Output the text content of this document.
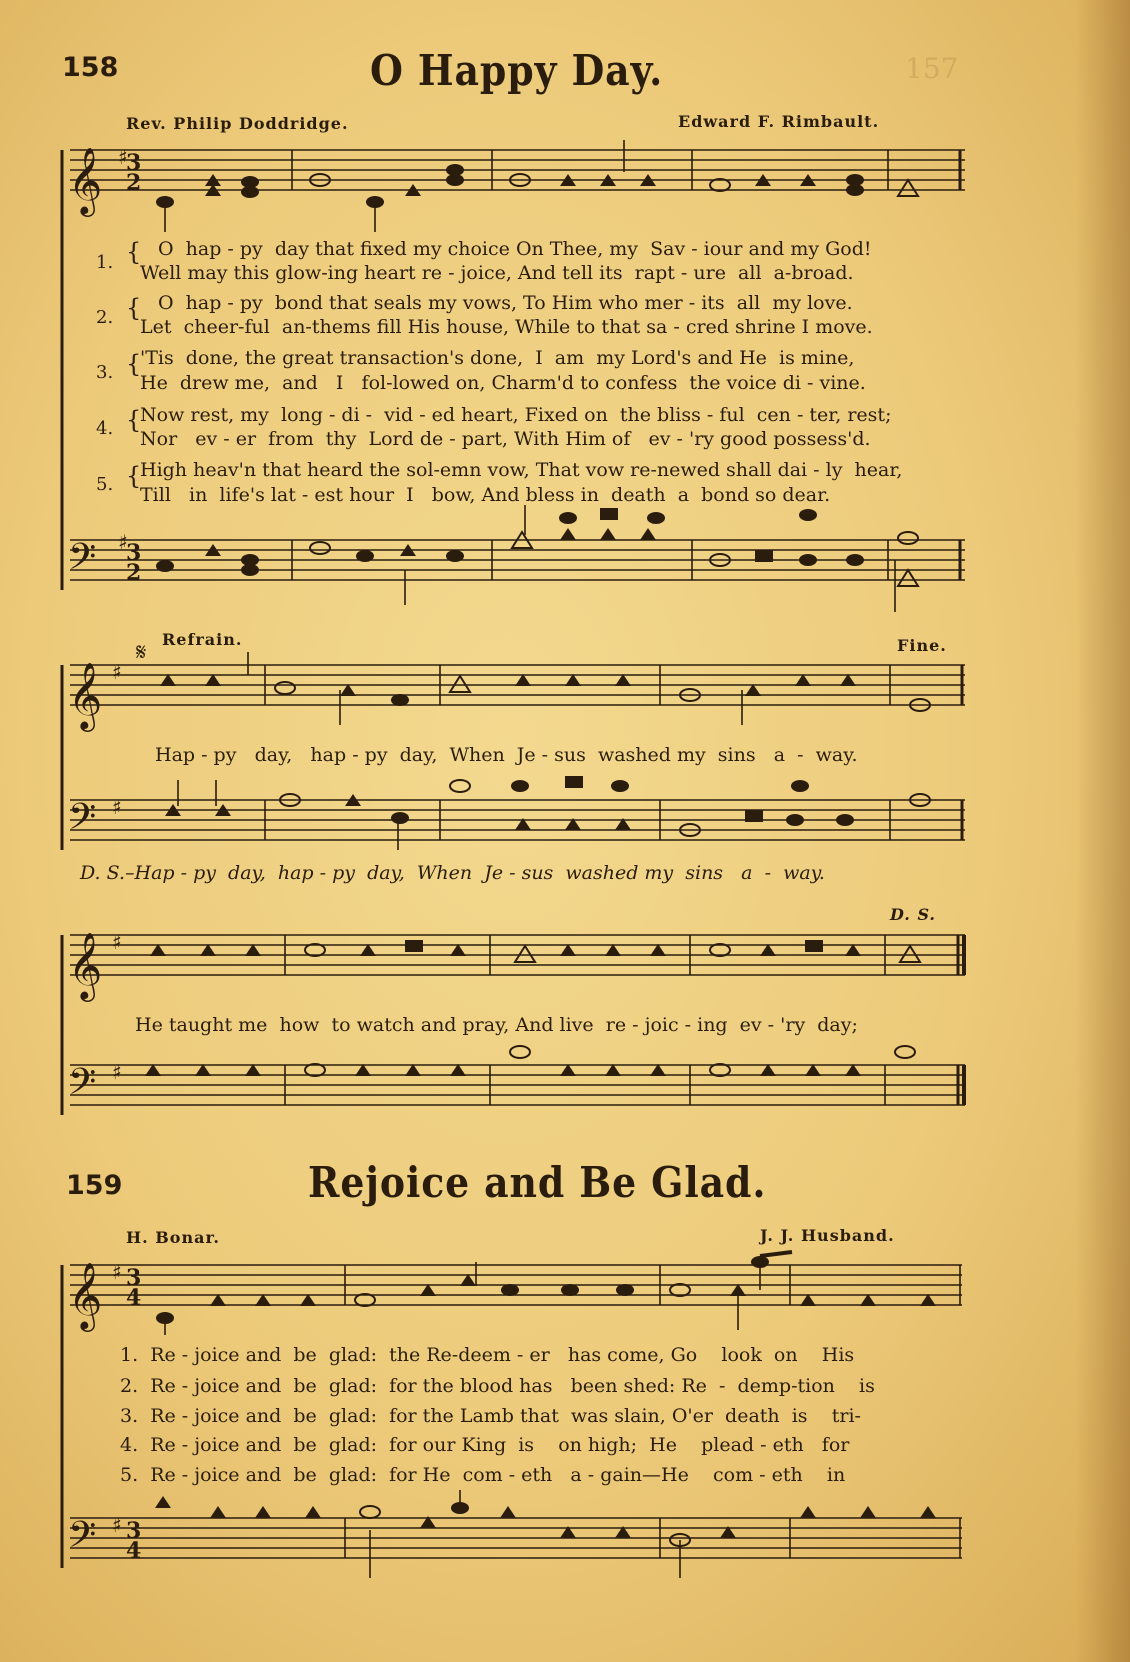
157
158	O Happy Day.
Rev. Philip Doddridge.	Edward F. Rimbault.
𝄞
𝄢
𝄞
𝄢
𝄞
𝄢
𝄞
𝄢
3
2
3
2
3
4
3
4
♯
♯
♯
♯
♯
♯
♯
♯
𝄋
1.
O  hap - py  day that fixed my choice On Thee, my  Sav - iour and my God!
Well may this glow-ing heart re - joice, And tell its  rapt - ure  all  a-broad.
2.
O  hap - py  bond that seals my vows, To Him who mer - its  all  my love.
Let  cheer-ful  an-thems fill His house, While to that sa - cred shrine I move.
3.
'Tis  done, the great transaction's done,  I  am  my Lord's and He  is mine,
He  drew me,  and   I   fol-lowed on, Charm'd to confess  the voice di - vine.
4.
Now rest, my  long - di -  vid - ed heart, Fixed on  the bliss - ful  cen - ter, rest;
Nor   ev - er  from  thy  Lord de - part, With Him of   ev - 'ry good possess'd.
5.
High heav'n that heard the sol-emn vow, That vow re-newed shall dai - ly  hear,
Till   in  life's lat - est hour  I   bow, And bless in  death  a  bond so dear.
{
{
{
{
{
Refrain.	Fine.
Hap - py   day,   hap - py  day,  When  Je - sus  washed my  sins   a  -  way.
D. S.–Hap - py  day,  hap - py  day,  When  Je - sus  washed my  sins   a  -  way.
D. S.
He taught me  how  to watch and pray, And live  re - joic - ing  ev - 'ry  day;
159	Rejoice and Be Glad.
H. Bonar.	J. J. Husband.
1.  Re - joice and  be  glad:  the Re-deem - er   has come, Go    look  on    His
2.  Re - joice and  be  glad:  for the blood has   been shed: Re  -  demp-tion    is
3.  Re - joice and  be  glad:  for the Lamb that  was slain, O'er  death  is    tri-
4.  Re - joice and  be  glad:  for our King  is    on high;  He    plead - eth   for
5.  Re - joice and  be  glad:  for He  com - eth   a - gain—He    com - eth    in
